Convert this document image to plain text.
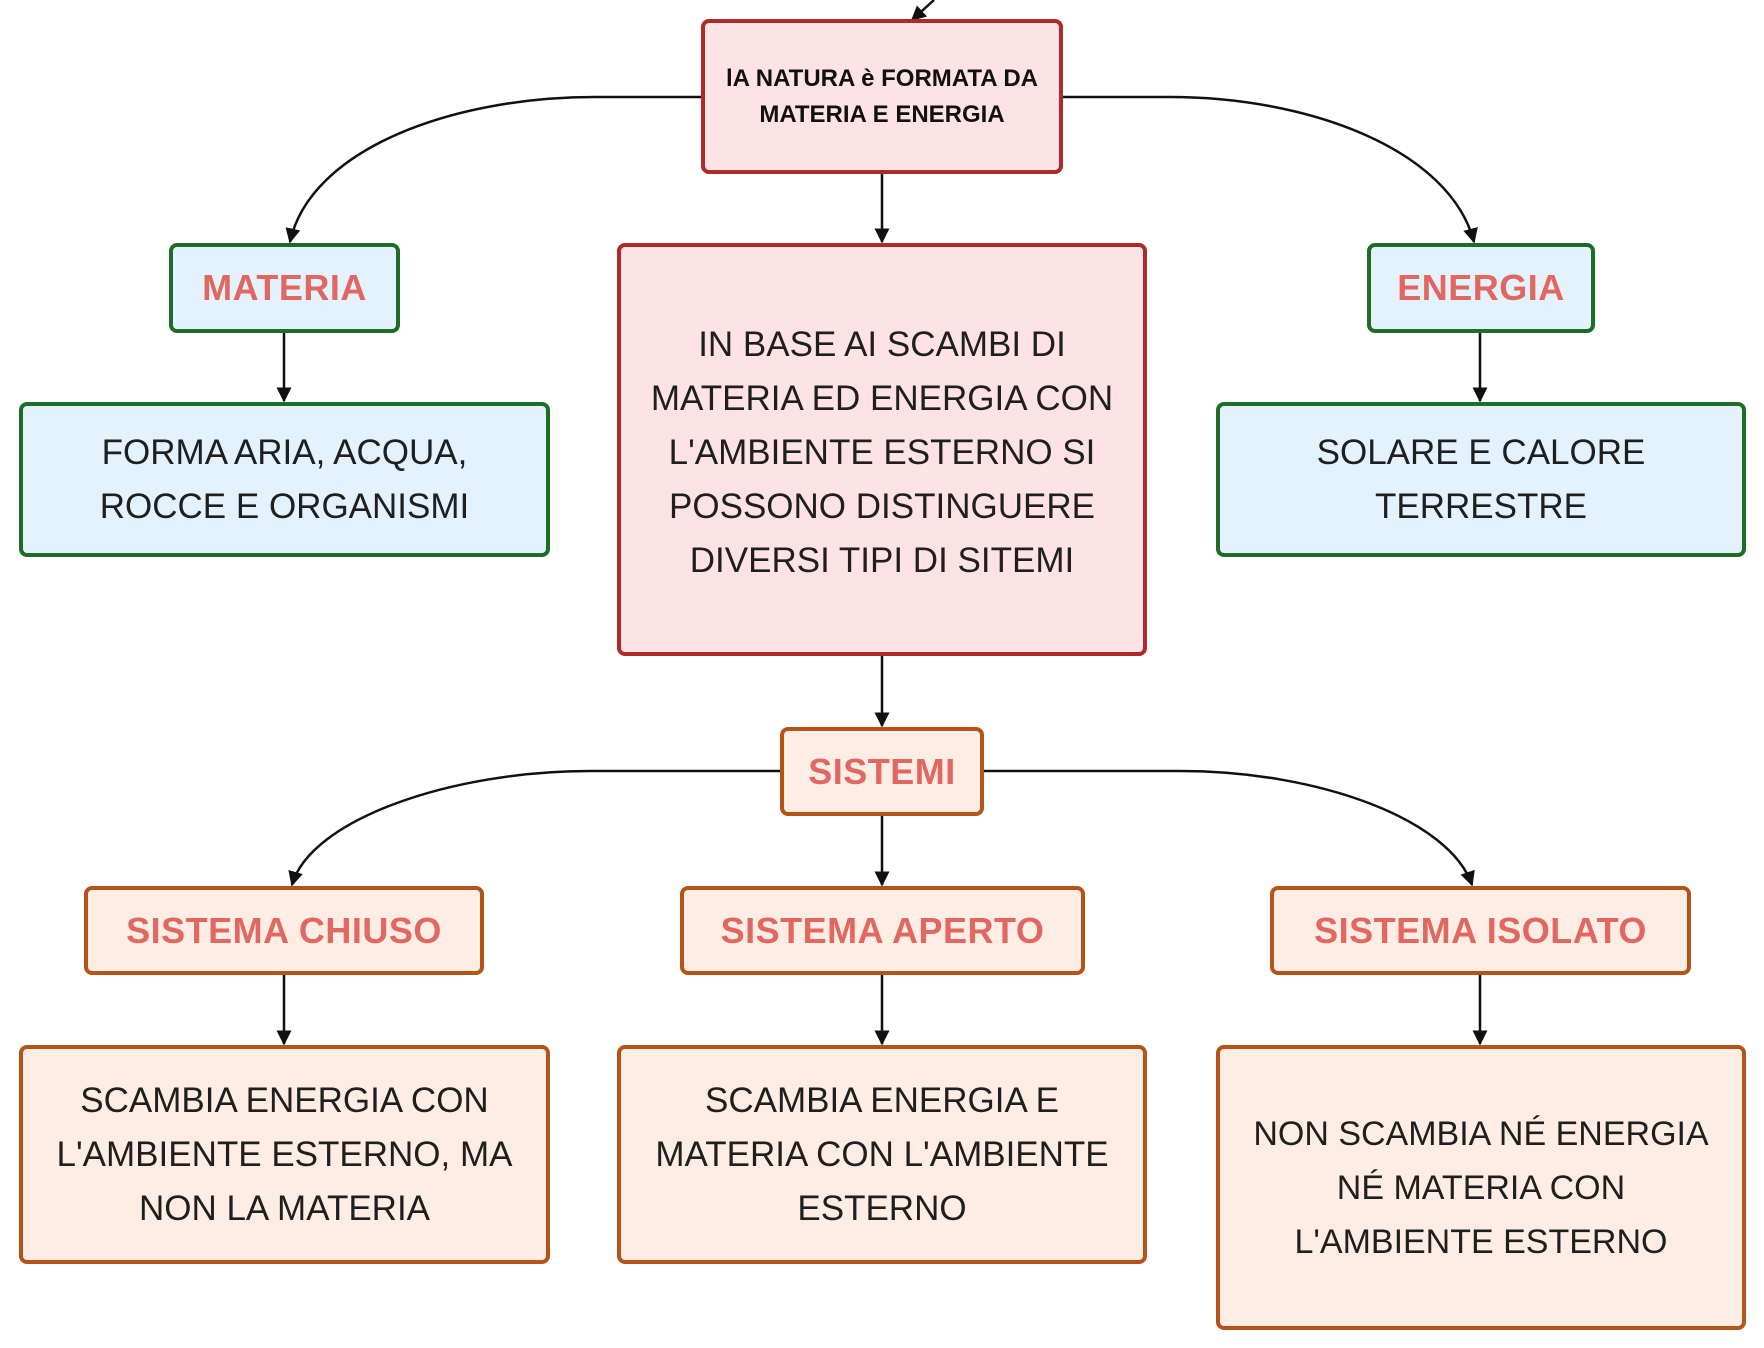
lA NATURA è FORMATA DA
MATERIA E ENERGIA
MATERIA
FORMA ARIA, ACQUA,
ROCCE E ORGANISMI
ENERGIA
SOLARE E CALORE
TERRESTRE
IN BASE AI SCAMBI DI
MATERIA ED ENERGIA CON
L'AMBIENTE ESTERNO SI
POSSONO DISTINGUERE
DIVERSI TIPI DI SITEMI
SISTEMI
SISTEMA CHIUSO
SCAMBIA ENERGIA CON
L'AMBIENTE ESTERNO, MA
NON LA MATERIA
SISTEMA APERTO
SCAMBIA ENERGIA E
MATERIA CON L'AMBIENTE
ESTERNO
SISTEMA ISOLATO
NON SCAMBIA NÉ ENERGIA
NÉ MATERIA CON
L'AMBIENTE ESTERNO
